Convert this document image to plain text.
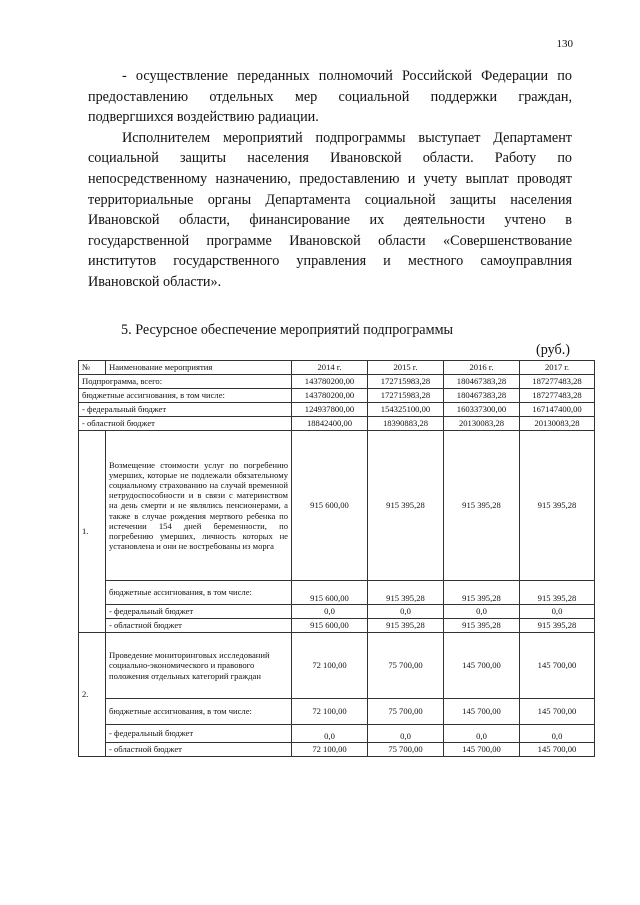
130

- осуществление переданных полномочий Российской Федерации по предоставлению отдельных мер социальной поддержки граждан, подвергшихся воздействию радиации.

Исполнителем мероприятий подпрограммы выступает Департамент социальной защиты населения Ивановской области. Работу по непосредственному назначению, предоставлению и учету выплат проводят территориальные органы Департамента социальной защиты населения Ивановской области, финансирование их деятельности учтено в государственной программе Ивановской области «Совершенствование институтов государственного управления и местного самоуправлния Ивановской области».

5. Ресурсное обеспечение мероприятий подпрограммы
(руб.)
№	Наименование мероприятия	2014 г.	2015 г.	2016 г.	2017 г.
Подпрограмма, всего:		143780200,00	172715983,28	180467383,28	187277483,28
бюджетные ассигнования, в том числе:		143780200,00	172715983,28	180467383,28	187277483,28
- федеральный бюджет		124937800,00	154325100,00	160337300,00	167147400,00
- областной бюджет		18842400,00	18390883,28	20130083,28	20130083,28
1.	Возмещение стоимости услуг по погребению умерших, которые не подлежали обязательному социальному страхованию на случай временной нетрудоспособности и в связи с материнством на день смерти и не являлись пенсионерами, а также в случае рождения мертвого ребенка по истечении 154 дней беременности, по погребению умерших, личность которых не установлена и они не востребованы из морга	915 600,00	915 395,28	915 395,28	915 395,28
	бюджетные ассигнования, в том числе:	915 600,00	915 395,28	915 395,28	915 395,28
	- федеральный бюджет	0,0	0,0	0,0	0,0
	- областной бюджет	915 600,00	915 395,28	915 395,28	915 395,28
2.	Проведение мониторинговых исследований социально-экономического и правового положения отдельных категорий граждан	72 100,00	75 700,00	145 700,00	145 700,00
	бюджетные ассигнования, в том числе:	72 100,00	75 700,00	145 700,00	145 700,00
	- федеральный бюджет	0,0	0,0	0,0	0,0
	- областной бюджет	72 100,00	75 700,00	145 700,00	145 700,00
